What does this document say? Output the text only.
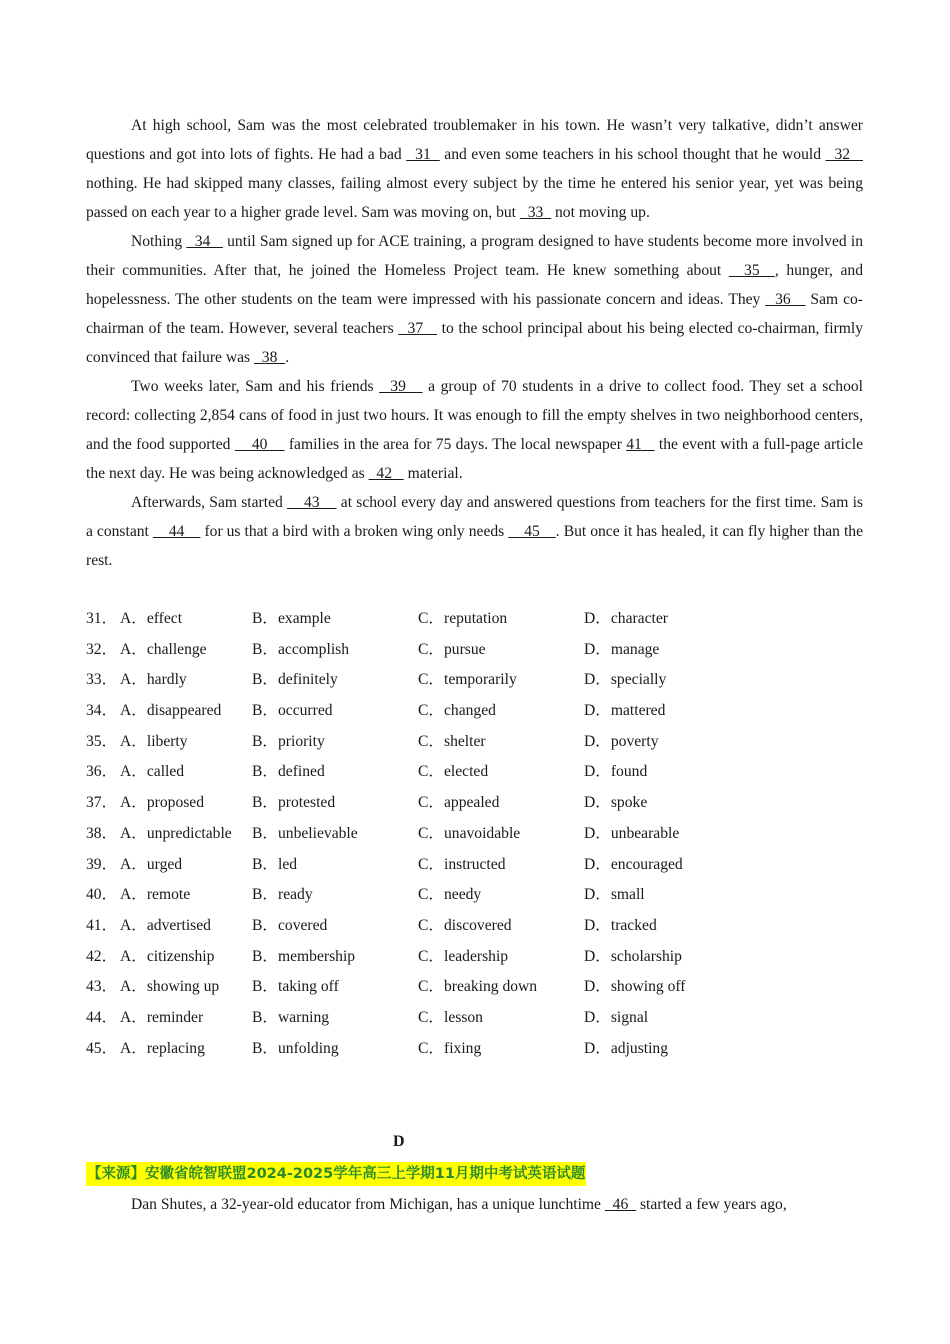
At high school, Sam was the most celebrated troublemaker in his town. He wasn’t very talkative, didn’t answer questions and got into lots of fights. He had a bad   31   and even some teachers in his school thought that he would   32    nothing. He had skipped many classes, failing almost every subject by the time he entered his senior year, yet was being passed on each year to a higher grade level. Sam was moving on, but   33   not moving up.

Nothing   34    until Sam signed up for ACE training, a program designed to have students become more involved in their communities. After that, he joined the Homeless Project team. He knew something about   35  , hunger, and hopelessness. The other students on the team were impressed with his passionate concern and ideas. They   36    Sam co-chairman of the team. However, several teachers   37    to the school principal about his being elected co-chairman, firmly convinced that failure was   38  .

Two weeks later, Sam and his friends   39    a group of 70 students in a drive to collect food. They set a school record: collecting 2,854 cans of food in just two hours. It was enough to fill the empty shelves in two neighborhood centers, and the food supported     40     families in the area for 75 days. The local newspaper 41    the event with a full-page article the next day. He was being acknowledged as   42    material.

Afterwards, Sam started     43     at school every day and answered questions from teachers for the first time. Sam is a constant     44     for us that a bird with a broken wing only needs     45    . But once it has healed, it can fly higher than the rest.

31． A．effect	B．example	C．reputation	D．character
32． A．challenge	B．accomplish	C．pursue	D．manage
33． A．hardly	B．definitely	C．temporarily	D．specially
34． A．disappeared B．occurred	C．changed	D．mattered
35． A．liberty	B．priority	C．shelter	D．poverty
36． A．called	B．defined	C．elected	D．found
37． A．proposed	B．protested	C．appealed	D．spoke
38． A．unpredictable B．unbelievable	C．unavoidable	D．unbearable
39． A．urged	B．led	C．instructed	D．encouraged
40． A．remote	B．ready	C．needy	D．small
41． A．advertised	B．covered	C．discovered	D．tracked
42． A．citizenship B．membership	C．leadership	D．scholarship
43． A．showing up B．taking off	C．breaking down	D．showing off
44． A．reminder	B．warning	C．lesson	D．signal
45． A．replacing	B．unfolding	C．fixing	D．adjusting
D
【来源】安徽省皖智联盟2024-2025学年高三上学期11月期中考试英语试题

Dan Shutes, a 32-year-old educator from Michigan, has a unique lunchtime   46   started a few years ago,
